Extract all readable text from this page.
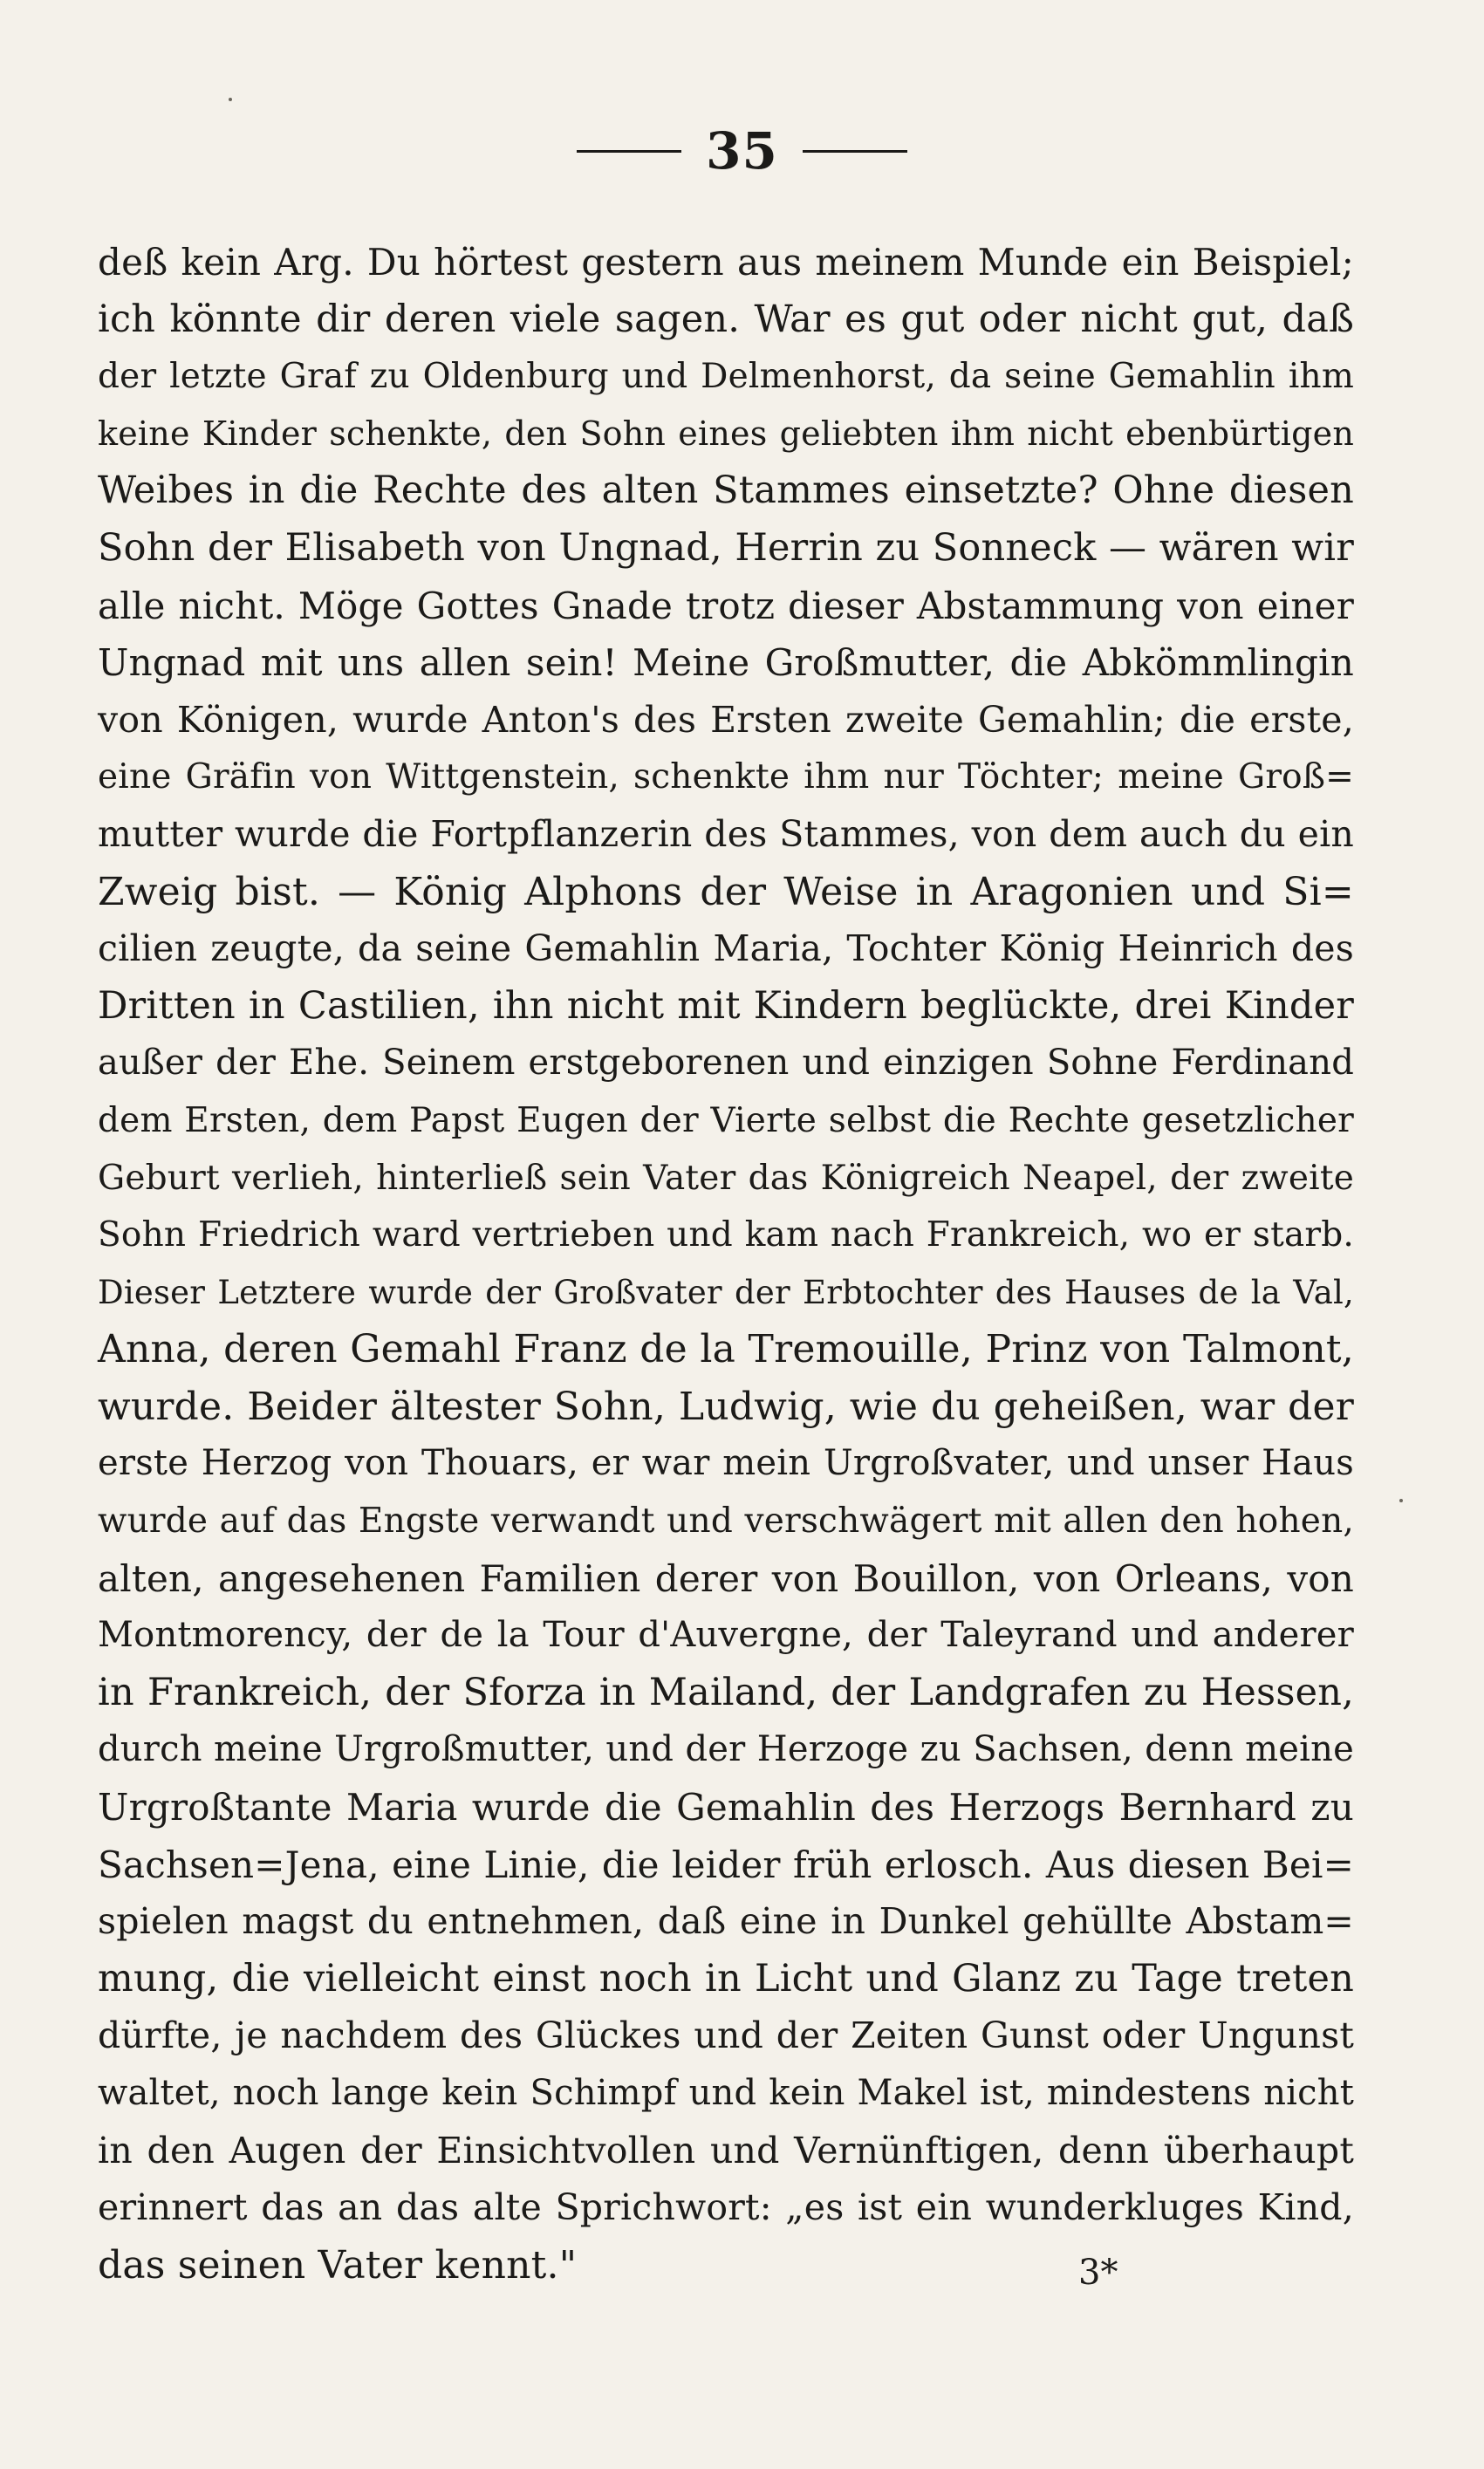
35
deß kein Arg. Du hörtest gestern aus meinem Munde ein Beispiel;
ich könnte dir deren viele sagen. War es gut oder nicht gut, daß
der letzte Graf zu Oldenburg und Delmenhorst, da seine Gemahlin ihm
keine Kinder schenkte, den Sohn eines geliebten ihm nicht ebenbürtigen
Weibes in die Rechte des alten Stammes einsetzte? Ohne diesen
Sohn der Elisabeth von Ungnad, Herrin zu Sonneck — wären wir
alle nicht. Möge Gottes Gnade trotz dieser Abstammung von einer
Ungnad mit uns allen sein! Meine Großmutter, die Abkömmlingin
von Königen, wurde Anton's des Ersten zweite Gemahlin; die erste,
eine Gräfin von Wittgenstein, schenkte ihm nur Töchter; meine Groß=
mutter wurde die Fortpflanzerin des Stammes, von dem auch du ein
Zweig bist. — König Alphons der Weise in Aragonien und Si=
cilien zeugte, da seine Gemahlin Maria, Tochter König Heinrich des
Dritten in Castilien, ihn nicht mit Kindern beglückte, drei Kinder
außer der Ehe. Seinem erstgeborenen und einzigen Sohne Ferdinand
dem Ersten, dem Papst Eugen der Vierte selbst die Rechte gesetzlicher
Geburt verlieh, hinterließ sein Vater das Königreich Neapel, der zweite
Sohn Friedrich ward vertrieben und kam nach Frankreich, wo er starb.
Dieser Letztere wurde der Großvater der Erbtochter des Hauses de la Val,
Anna, deren Gemahl Franz de la Tremouille, Prinz von Talmont,
wurde. Beider ältester Sohn, Ludwig, wie du geheißen, war der
erste Herzog von Thouars, er war mein Urgroßvater, und unser Haus
wurde auf das Engste verwandt und verschwägert mit allen den hohen,
alten, angesehenen Familien derer von Bouillon, von Orleans, von
Montmorency, der de la Tour d'Auvergne, der Taleyrand und anderer
in Frankreich, der Sforza in Mailand, der Landgrafen zu Hessen,
durch meine Urgroßmutter, und der Herzoge zu Sachsen, denn meine
Urgroßtante Maria wurde die Gemahlin des Herzogs Bernhard zu
Sachsen=Jena, eine Linie, die leider früh erlosch. Aus diesen Bei=
spielen magst du entnehmen, daß eine in Dunkel gehüllte Abstam=
mung, die vielleicht einst noch in Licht und Glanz zu Tage treten
dürfte, je nachdem des Glückes und der Zeiten Gunst oder Ungunst
waltet, noch lange kein Schimpf und kein Makel ist, mindestens nicht
in den Augen der Einsichtvollen und Vernünftigen, denn überhaupt
erinnert das an das alte Sprichwort: „es ist ein wunderkluges Kind,
das seinen Vater kennt."	3*
